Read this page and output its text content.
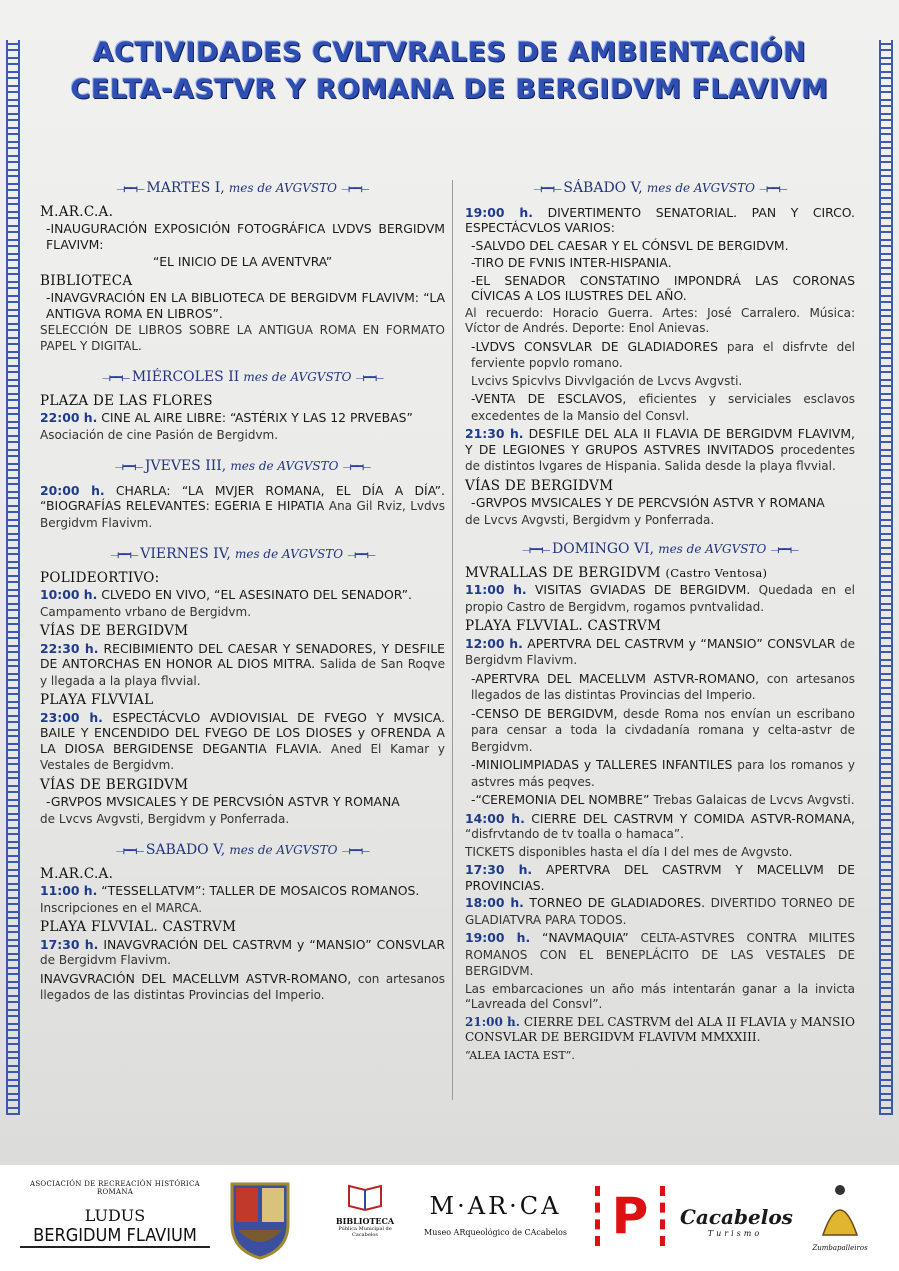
ACTIVIDADES CVLTVRALES DE AMBIENTACIÓN
CELTA-ASTVR Y ROMANA DE BERGIDVM FLAVIVM
⟞━━⟝ MARTES I, mes de AVGVSTO ⟞━━⟝
M.AR.C.A.
-INAUGURACIÓN EXPOSICIÓN FOTOGRÁFICA LVDVS BERGIDVM FLAVIVM:
“EL INICIO DE LA AVENTVRA”
BIBLIOTECA
-INAVGVRACIÓN EN LA BIBLIOTECA DE BERGIDVM FLAVIVM: “LA ANTIGVA ROMA EN LIBROS”.
SELECCIÓN DE LIBROS SOBRE LA ANTIGUA ROMA EN FORMATO PAPEL Y DIGITAL.
⟞━━⟝ MIÉRCOLES II mes de AVGVSTO ⟞━━⟝
PLAZA DE LAS FLORES
22:00 h. CINE AL AIRE LIBRE: “ASTÉRIX Y LAS 12 PRVEBAS”
Asociación de cine Pasión de Bergidvm.
⟞━━⟝ JVEVES III, mes de AVGVSTO ⟞━━⟝
20:00 h. CHARLA: “LA MVJER ROMANA, EL DÍA A DÍA”. “BIOGRAFÍAS RELEVANTES: EGERIA E HIPATIA Ana Gil Rviz, Lvdvs Bergidvm Flavivm.
⟞━━⟝ VIERNES IV, mes de AVGVSTO ⟞━━⟝
POLIDEORTIVO:
10:00 h. CLVEDO EN VIVO, “EL ASESINATO DEL SENADOR”.
Campamento vrbano de Bergidvm.
VÍAS DE BERGIDVM
22:30 h. RECIBIMIENTO DEL CAESAR Y SENADORES, Y DESFILE DE ANTORCHAS EN HONOR AL DIOS MITRA. Salida de San Roqve y llegada a la playa flvvial.
PLAYA FLVVIAL
23:00 h. ESPECTÁCVLO AVDIOVISIAL DE FVEGO Y MVSICA. BAILE Y ENCENDIDO DEL FVEGO DE LOS DIOSES y OFRENDA A LA DIOSA BERGIDENSE DEGANTIA FLAVIA. Aned El Kamar y Vestales de Bergidvm.
VÍAS DE BERGIDVM
-GRVPOS MVSICALES Y DE PERCVSIÓN ASTVR Y ROMANA
de Lvcvs Avgvsti, Bergidvm y Ponferrada.
⟞━━⟝ SABADO V, mes de AVGVSTO ⟞━━⟝
M.AR.C.A.
11:00 h. “TESSELLATVM”: TALLER DE MOSAICOS ROMANOS.
Inscripciones en el MARCA.
PLAYA FLVVIAL. CASTRVM
17:30 h. INAVGVRACIÓN DEL CASTRVM y “MANSIO” CONSVLAR de Bergidvm Flavivm.
INAVGVRACIÓN DEL MACELLVM ASTVR-ROMANO, con artesanos llegados de las distintas Provincias del Imperio.
⟞━━⟝ SÁBADO V, mes de AVGVSTO ⟞━━⟝
19:00 h. DIVERTIMENTO SENATORIAL. PAN Y CIRCO. ESPECTÁCVLOS VARIOS:
-SALVDO DEL CAESAR Y EL CÓNSVL DE BERGIDVM.
-TIRO DE FVNIS INTER-HISPANIA.
-EL SENADOR CONSTATINO IMPONDRÁ LAS CORONAS CÍVICAS A LOS ILUSTRES DEL AÑO.
Al recuerdo: Horacio Guerra. Artes: José Carralero. Música: Víctor de Andrés. Deporte: Enol Anievas.
-LVDVS CONSVLAR DE GLADIADORES para el disfrvte del ferviente popvlo romano.
Lvcivs Spicvlvs Divvlgación de Lvcvs Avgvsti.
-VENTA DE ESCLAVOS, eficientes y serviciales esclavos excedentes de la Mansio del Consvl.
21:30 h. DESFILE DEL ALA II FLAVIA DE BERGIDVM FLAVIVM, Y DE LEGIONES Y GRUPOS ASTVRES INVITADOS procedentes de distintos lvgares de Hispania. Salida desde la playa flvvial.
VÍAS DE BERGIDVM
-GRVPOS MVSICALES Y DE PERCVSIÓN ASTVR Y ROMANA
de Lvcvs Avgvsti, Bergidvm y Ponferrada.
⟞━━⟝ DOMINGO VI, mes de AVGVSTO ⟞━━⟝
MVRALLAS DE BERGIDVM (Castro Ventosa)
11:00 h. VISITAS GVIADAS DE BERGIDVM. Quedada en el propio Castro de Bergidvm, rogamos pvntvalidad.
PLAYA FLVVIAL. CASTRVM
12:00 h. APERTVRA DEL CASTRVM y “MANSIO” CONSVLAR de Bergidvm Flavivm.
-APERTVRA DEL MACELLVM ASTVR-ROMANO, con artesanos llegados de las distintas Provincias del Imperio.
-CENSO DE BERGIDVM, desde Roma nos envían un escribano para censar a toda la civdadanía romana y celta-astvr de Bergidvm.
-MINIOLIMPIADAS y TALLERES INFANTILES para los romanos y astvres más peqves.
-“CEREMONIA DEL NOMBRE” Trebas Galaicas de Lvcvs Avgvsti.
14:00 h. CIERRE DEL CASTRVM Y COMIDA ASTVR-ROMANA, “disfrvtando de tv toalla o hamaca”.
TICKETS disponibles hasta el día I del mes de Avgvsto.
17:30 h. APERTVRA DEL CASTRVM Y MACELLVM DE PROVINCIAS.
18:00 h. TORNEO DE GLADIADORES. DIVERTIDO TORNEO DE GLADIATVRA PARA TODOS.
19:00 h. “NAVMAQUIA” CELTA-ASTVRES CONTRA MILITES ROMANOS CON EL BENEPLÁCITO DE LAS VESTALES DE BERGIDVM.
Las embarcaciones un año más intentarán ganar a la invicta “Lavreada del Consvl”.
21:00 h. CIERRE DEL CASTRVM del ALA II FLAVIA y MANSIO CONSVLAR DE BERGIDVM FLAVIVM MMXXIII.
“ALEA IACTA EST”.
ASOCIACIÓN DE RECREACIÓN HISTÓRICA ROMANA
LUDUS
BERGIDUM FLAVIUM
BIBLIOTECA
Pública Municipal de Cacabelos
M·AR·CA
Museo ARqueológico de CAcabelos P	Cacabelos
Turismo
Zumbapalleiros
